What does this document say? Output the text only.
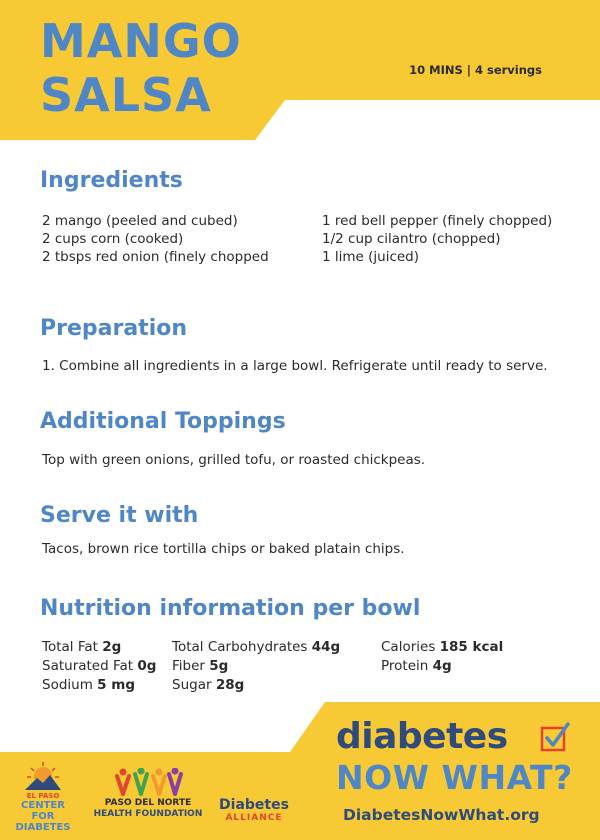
MANGO
SALSA	10 MINS | 4 servings
Ingredients
2 mango (peeled and cubed)
2 cups corn (cooked)
2 tbsps red onion (finely chopped
1 red bell pepper (finely chopped)
1/2 cup cilantro (chopped)
1 lime (juiced)
Preparation
1. Combine all ingredients in a large bowl. Refrigerate until ready to serve.
Additional Toppings
Top with green onions, grilled tofu, or roasted chickpeas.
Serve it with
Tacos, brown rice tortilla chips or baked platain chips.
Nutrition information per bowl
Total Fat 2g
Saturated Fat 0g
Sodium 5 mg
Total Carbohydrates 44g
Fiber 5g
Sugar 28g
Calories 185 kcal
Protein 4g
EL PASO
CENTER FOR
DIABETES
PASO DEL NORTE
HEALTH FOUNDATION
Diabetes
ALLIANCE
diabetes
NOW WHAT?
DiabetesNowWhat.org
